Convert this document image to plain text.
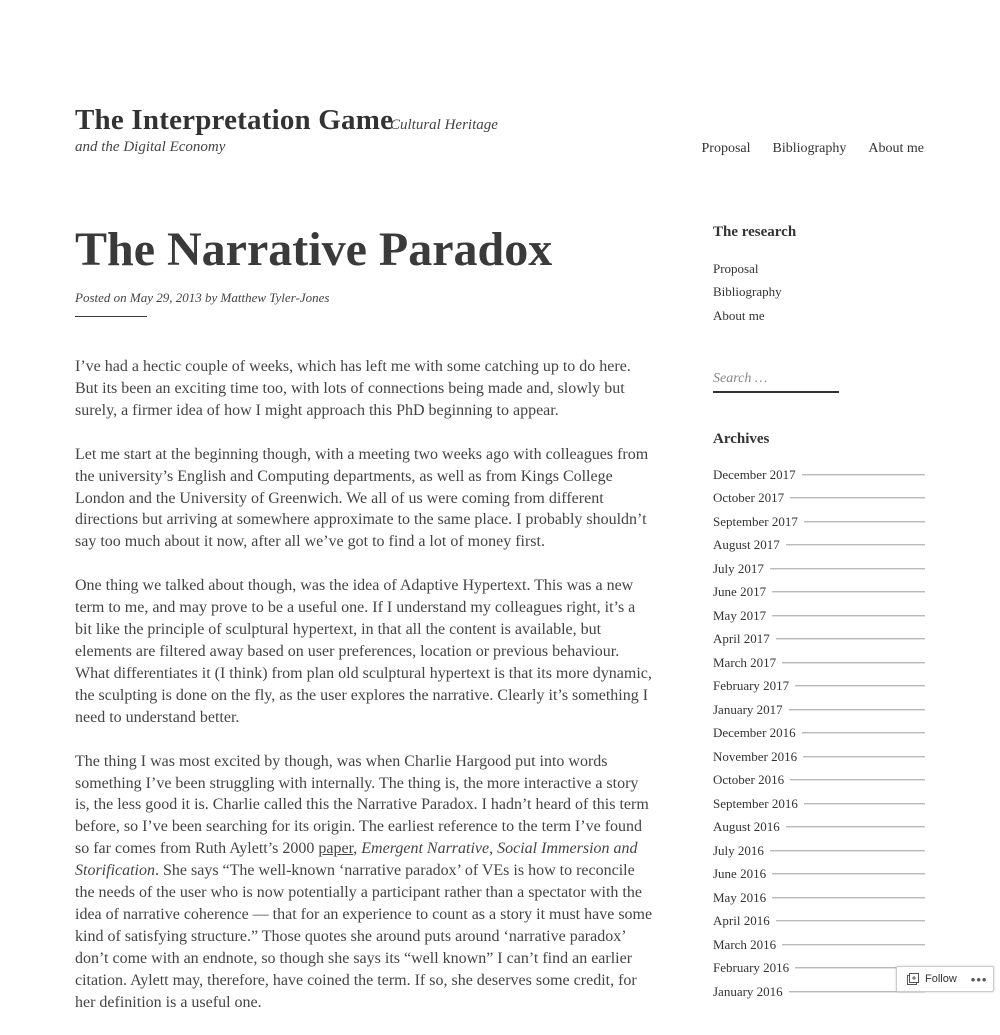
The Interpretation Game
Cultural Heritage
and the Digital Economy	Proposal Bibliography About me
The Narrative Paradox
Posted on May 29, 2013 by Matthew Tyler-Jones

I’ve had a hectic couple of weeks, which has left me with some catching up to do here. But its been an exciting time too, with lots of connections being made and, slowly but surely, a firmer idea of how I might approach this PhD beginning to appear.

Let me start at the beginning though, with a meeting two weeks ago with colleagues from the university’s English and Computing departments, as well as from Kings College London and the University of Greenwich. We all of us were coming from different directions but arriving at somewhere approximate to the same place. I probably shouldn’t say too much about it now, after all we’ve got to find a lot of money first.

One thing we talked about though, was the idea of Adaptive Hypertext. This was a new term to me, and may prove to be a useful one. If I understand my colleagues right, it’s a bit like the principle of sculptural hypertext, in that all the content is available, but elements are filtered away based on user preferences, location or previous behaviour.
What differentiates it (I think) from plan old sculptural hypertext is that its more dynamic, the sculpting is done on the fly, as the user explores the narrative. Clearly it’s something I need to understand better.

The thing I was most excited by though, was when Charlie Hargood put into words something I’ve been struggling with internally. The thing is, the more interactive a story is, the less good it is. Charlie called this the Narrative Paradox. I hadn’t heard of this term before, so I’ve been searching for its origin. The earliest reference to the term I’ve found so far comes from Ruth Aylett’s 2000 paper, Emergent Narrative, Social Immersion and Storification. She says “The well-known ‘narrative paradox’ of VEs is how to reconcile the needs of the user who is now potentially a participant rather than a spectator with the idea of narrative coherence — that for an experience to count as a story it must have some kind of satisfying structure.” Those quotes she around puts around ‘narrative paradox’ don’t come with an endnote, so though she says its “well known” I can’t find an earlier citation. Aylett may, therefore, have coined the term. If so, she deserves some credit, for her definition is a useful one.

The research
Proposal
Bibliography
About me
Search …
Archives
December 2017
October 2017
September 2017
August 2017
July 2017
June 2017
May 2017
April 2017
March 2017
February 2017
January 2017
December 2016
November 2016
October 2016
September 2016
August 2016
July 2016
June 2016
May 2016
April 2016
March 2016
February 2016
January 2016
Follow •••
